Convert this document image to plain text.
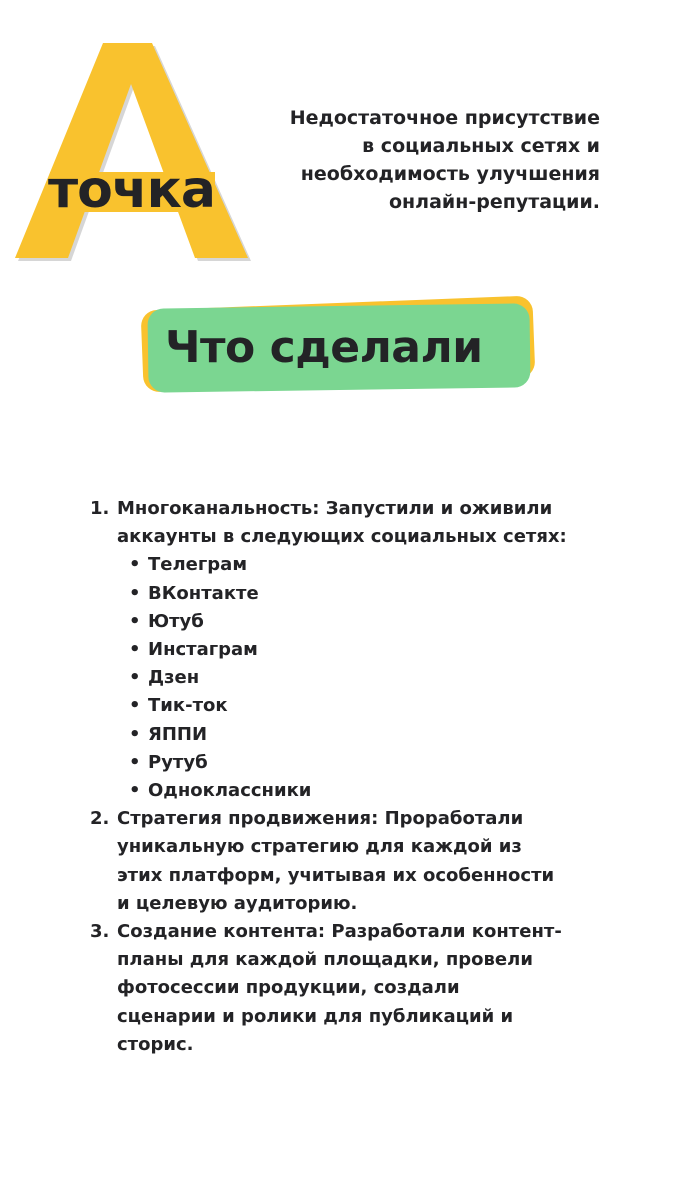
точка
Недостаточное присутствие
в социальных сетях и
необходимость улучшения
онлайн-репутации.
Что сделали
1. Многоканальность: Запустили и оживили
аккаунты в следующих социальных сетях:
• Телеграм
• ВКонтакте
• Ютуб
• Инстаграм
• Дзен
• Тик-ток
• ЯППИ
• Рутуб
• Одноклассники
2. Стратегия продвижения: Проработали
уникальную стратегию для каждой из
этих платформ, учитывая их особенности
и целевую аудиторию.
3. Создание контента: Разработали контент-
планы для каждой площадки, провели
фотосессии продукции, создали
сценарии и ролики для публикаций и
сторис.
